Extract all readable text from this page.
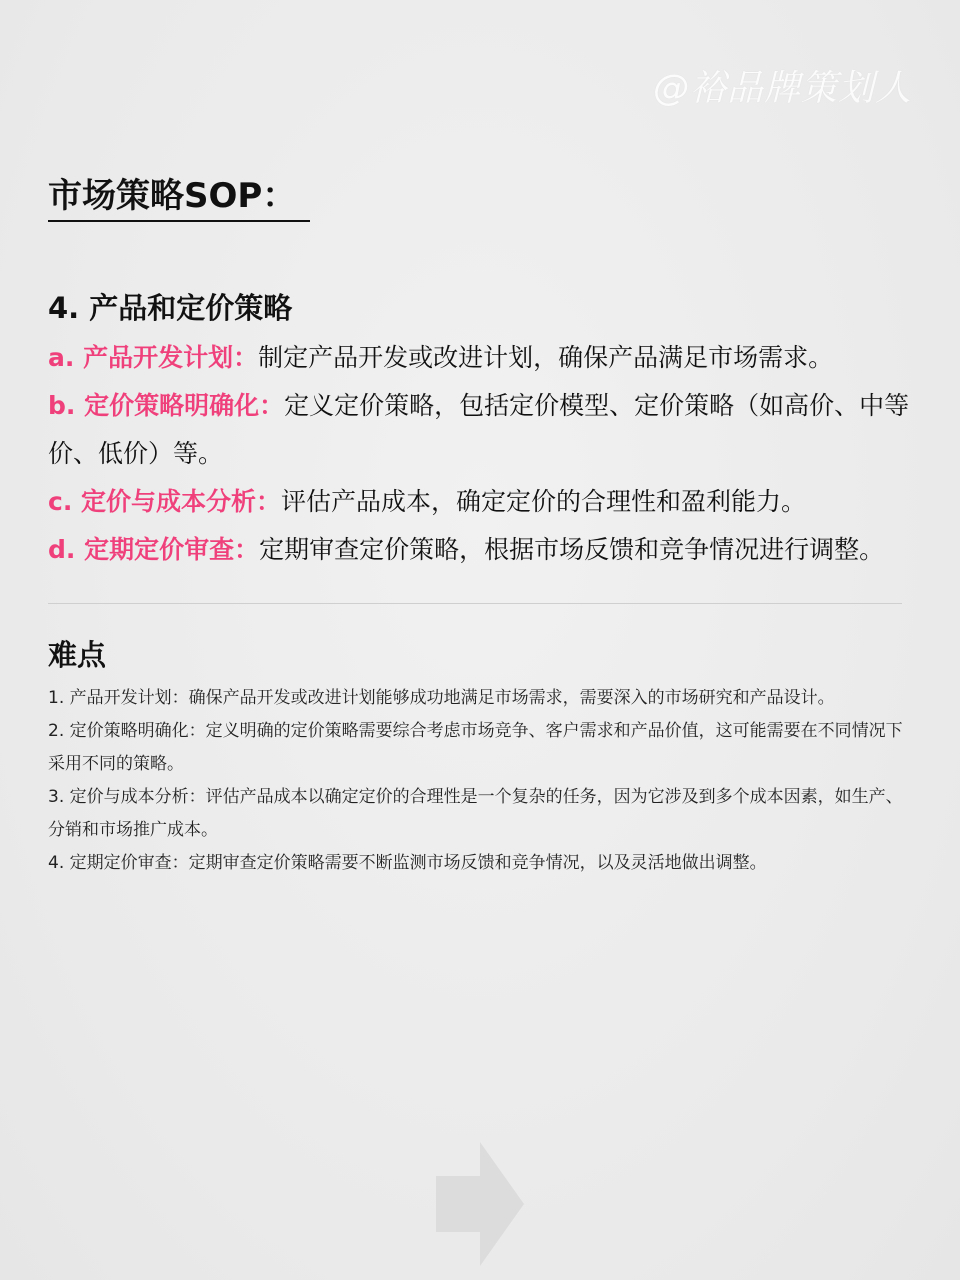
@裕品牌策划人
市场策略SOP：

4. 产品和定价策略

a. 产品开发计划：制定产品开发或改进计划，确保产品满足市场需求。

b. 定价策略明确化：定义定价策略，包括定价模型、定价策略（如高价、中等价、低价）等。

c. 定价与成本分析：评估产品成本，确定定价的合理性和盈利能力。

d. 定期定价审查：定期审查定价策略，根据市场反馈和竞争情况进行调整。

难点

1. 产品开发计划：确保产品开发或改进计划能够成功地满足市场需求，需要深入的市场研究和产品设计。

2. 定价策略明确化：定义明确的定价策略需要综合考虑市场竞争、客户需求和产品价值，这可能需要在不同情况下采用不同的策略。

3. 定价与成本分析：评估产品成本以确定定价的合理性是一个复杂的任务，因为它涉及到多个成本因素，如生产、分销和市场推广成本。

4. 定期定价审查：定期审查定价策略需要不断监测市场反馈和竞争情况，以及灵活地做出调整。
